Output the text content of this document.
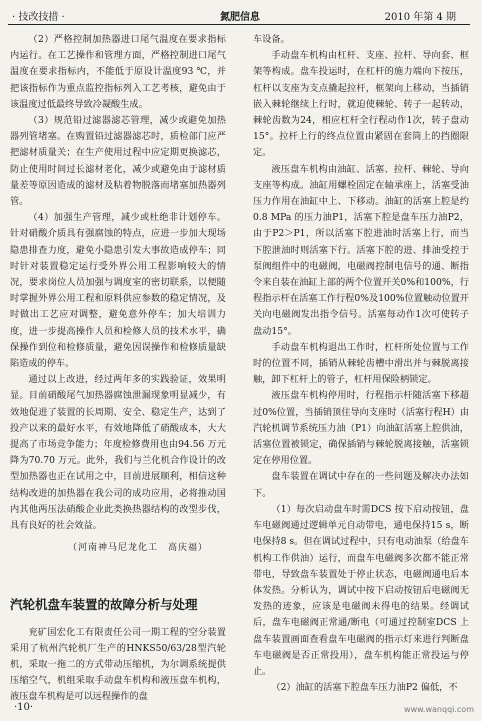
· 技改技措 ·	氮肥信息	2010 年第 4 期

（2）严格控制加热器进口尾气温度在要求指标内运行。在工艺操作和管理方面，严格控制进口尾气温度在要求指标内，不能低于原设计温度93 ℃，并把该指标作为重点监控指标列入工艺考核，避免由于该温度过低最终导致冷凝酸生成。

（3）规范铅过滤器滤芯管理，减少或避免加热器列管堵塞。在购置铅过滤器滤芯时，质检部门应严把滤材质量关；在生产使用过程中应定期更换滤芯，防止使用时间过长滤材老化，减少或避免由于滤材质量差等原因造成的滤材及粘着物脱落而堵塞加热器列管。

（4）加强生产管理，减少或杜绝非计划停车。针对硝酸介质具有强腐蚀的特点，应进一步加大现场隐患排查力度，避免小隐患引发大事故造成停车；同时针对装置稳定运行受外界公用工程影响较大的情况，要求岗位人员加强与调度室的密切联系，以便随时掌握外界公用工程和原料供应参数的稳定情况，及时做出工艺应对调整，避免意外停车；加大培训力度，进一步提高操作人员和检修人员的技术水平，确保操作到位和检修质量，避免因误操作和检修质量缺陷造成的停车。

通过以上改进，经过两年多的实践验证，效果明显。目前硝酸尾气加热器腐蚀泄漏现象明显减少，有效地促进了装置的长周期、安全、稳定生产，达到了投产以来的最好水平，有效地降低了硝酸成本，大大提高了市场竞争能力；年度检修费用也由94.56 万元降为70.70 万元。此外，我们与兰化机合作设计的改型加热器也正在试用之中，目前进展顺利，相信这种结构改进的加热器在我公司的成功应用，必将推动国内其他两压法硝酸企业此类换热器结构的改型步伐，具有良好的社会效益。

（河南神马尼龙化工　高庆福）
汽轮机盘车装置的故障分析与处理

兖矿国宏化工有限责任公司一期工程的空分装置采用了杭州汽轮机厂生产的HNKS50/63/28型汽轮机，采取一拖二的方式带动压缩机，为尔调系统提供压缩空气，机组采取手动盘车机构和液压盘车机构，液压盘车机构是可以远程操作的盘

车设备。

手动盘车机构由杠杆、支座、拉杆、导向套、框架等构成。盘车投运时，在杠杆的施力端向下按压，杠杆以支座为支点撬起拉杆，框架向上移动，当插销嵌入棘轮继续上行时，就迫使棘轮、转子一起转动，棘轮齿数为24，相应杠杆全行程动作1次，转子盘动15°。拉杆上行的终点位置由紧固在套筒上的挡圈限定。

液压盘车机构由油缸、活塞、拉杆、棘轮、导向支座等构成。油缸用螺栓固定在轴承座上，活塞受油压力作用在油缸中上、下移动。油缸的活塞上腔是约0.8 MPa 的压力油P1，活塞下腔是盘车压力油P2，由于P2＞P1，所以活塞下腔进油时活塞上行，而当下腔泄油时则活塞下行。活塞下腔的进、排油受控于泵阀组件中的电磁阀，电磁阀控制电信号的通、断指令来自装在油缸上部的两个位置开关0%和100%，行程指示杆在活塞工作行程0%及100%位置触动位置开关向电磁阀发出指令信号。活塞每动作1次可使转子盘动15°。

手动盘车机构退出工作时，杠杆所处位置与工作时的位置不同，插销从棘轮齿槽中滑出并与棘脱离接触，卸下杠杆上的管子，杠杆用保险柄锁定。

液压盘车机构停用时，行程指示杆随活塞下移超过0%位置，当插销顶住导向支座时（活塞行程H）由汽轮机调节系统压力油（P1）向油缸活塞上腔供油，活塞位置被锁定，确保插销与棘轮脱离接触，活塞锁定在停用位置。

盘车装置在调试中存在的一些问题及解决办法如下。

（1）每次启动盘车时需DCS 按下启动按钮，盘车电磁阀通过逻辑单元自动带电，通电保持15 s，断电保持8 s。但在调试过程中，只有电动油泵（给盘车机构工作供油）运行，而盘车电磁阀多次都不能正常带电，导致盘车装置处于停止状态，电磁阀通电后本体发热。分析认为，调试中按下启动按钮后电磁阀无发热的迹象，应该是电磁阀未得电的结果。经调试后，盘车电磁阀正常通/断电（可通过控制室DCS 上盘车装置画面查看盘车电磁阀的指示灯来进行判断盘车电磁阀是否正常投用），盘车机构能正常投运与停止。

（2）油缸的活塞下腔盘车压力油P2 偏低，不

·10·	www.wanqqi.com
